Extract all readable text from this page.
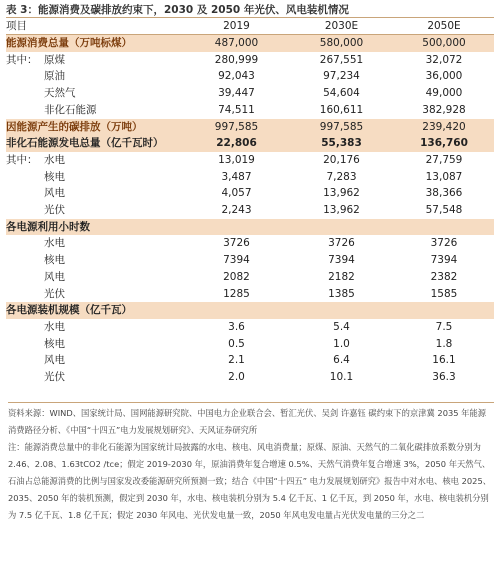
表 3：能源消费及碳排放约束下，2030 及 2050 年光伏、风电装机情况
项目	2019	2030E	2050E
能源消费总量（万吨标煤）	487,000	580,000	500,000
其中： 原煤	280,999	267,551	32,072
原油	92,043	97,234	36,000
天然气	39,447	54,604	49,000
非化石能源	74,511	160,611	382,928
因能源产生的碳排放（万吨）	997,585	997,585	239,420
非化石能源发电总量（亿千瓦时）	22,806	55,383	136,760
其中： 水电	13,019	20,176	27,759
核电	3,487	7,283	13,087
风电	4,057	13,962	38,366
光伏	2,243	13,962	57,548
各电源利用小时数			
水电	3726	3726	3726
核电	7394	7394	7394
风电	2082	2182	2382
光伏	1285	1385	1585
各电源装机规模（亿千瓦）			
水电	3.6	5.4	7.5
核电	0.5	1.0	1.8
风电	2.1	6.4	16.1
光伏	2.0	10.1	36.3

资料来源：WIND、国家统计局、国网能源研究院、中国电力企业联合会、暂汇光伏、吴剑 许嘉钰 碳约束下的京津冀 2035 年能源消费路径分析、《中国“十四五”电力发展规划研究》、天风证券研究所

注：能源消费总量中的非化石能源为国家统计局披露的水电、核电、风电消费量；原煤、原油、天然气的二氧化碳排放系数分别为 2.46、2.08、1.63tCO2 /tce；假定 2019-2030 年，原油消费年复合增速 0.5%、天然气消费年复合增速 3%，2050 年天然气、石油占总能源消费的比例与国家发改委能源研究所预测一致；结合《中国“十四五” 电力发展规划研究》报告中对水电、核电 2025、2035、2050 年的装机预测，假定到 2030 年，水电、核电装机分别为 5.4 亿千瓦、1 亿千瓦，到 2050 年，水电、核电装机分别为 7.5 亿千瓦、1.8 亿千瓦；假定 2030 年风电、光伏发电量一致，2050 年风电发电量占光伏发电量的三分之二
